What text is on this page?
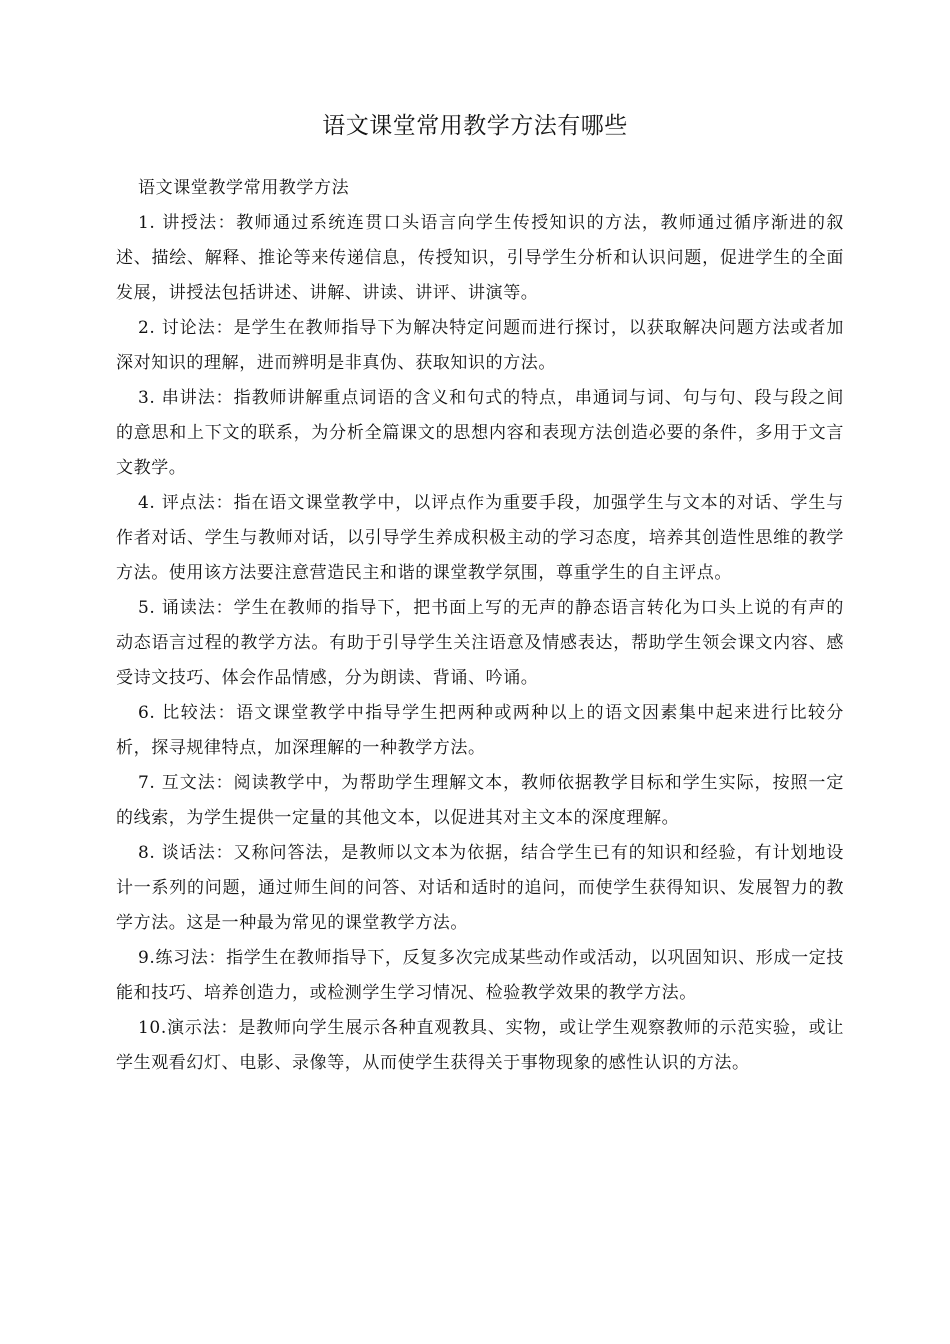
语文课堂常用教学方法有哪些

语文课堂教学常用教学方法

1. 讲授法：教师通过系统连贯口头语言向学生传授知识的方法，教师通过循序渐进的叙述、描绘、解释、推论等来传递信息，传授知识，引导学生分析和认识问题，促进学生的全面发展，讲授法包括讲述、讲解、讲读、讲评、讲演等。

2. 讨论法：是学生在教师指导下为解决特定问题而进行探讨，以获取解决问题方法或者加深对知识的理解，进而辨明是非真伪、获取知识的方法。

3. 串讲法：指教师讲解重点词语的含义和句式的特点，串通词与词、句与句、段与段之间的意思和上下文的联系，为分析全篇课文的思想内容和表现方法创造必要的条件，多用于文言文教学。

4. 评点法：指在语文课堂教学中，以评点作为重要手段，加强学生与文本的对话、学生与作者对话、学生与教师对话，以引导学生养成积极主动的学习态度，培养其创造性思维的教学方法。使用该方法要注意营造民主和谐的课堂教学氛围，尊重学生的自主评点。

5. 诵读法：学生在教师的指导下，把书面上写的无声的静态语言转化为口头上说的有声的动态语言过程的教学方法。有助于引导学生关注语意及情感表达，帮助学生领会课文内容、感受诗文技巧、体会作品情感，分为朗读、背诵、吟诵。

6. 比较法：语文课堂教学中指导学生把两种或两种以上的语文因素集中起来进行比较分析，探寻规律特点，加深理解的一种教学方法。

7. 互文法：阅读教学中，为帮助学生理解文本，教师依据教学目标和学生实际，按照一定的线索，为学生提供一定量的其他文本，以促进其对主文本的深度理解。

8. 谈话法：又称问答法，是教师以文本为依据，结合学生已有的知识和经验，有计划地设计一系列的问题，通过师生间的问答、对话和适时的追问，而使学生获得知识、发展智力的教学方法。这是一种最为常见的课堂教学方法。

9.练习法：指学生在教师指导下，反复多次完成某些动作或活动，以巩固知识、形成一定技能和技巧、培养创造力，或检测学生学习情况、检验教学效果的教学方法。

10.演示法：是教师向学生展示各种直观教具、实物，或让学生观察教师的示范实验，或让学生观看幻灯、电影、录像等，从而使学生获得关于事物现象的感性认识的方法。
